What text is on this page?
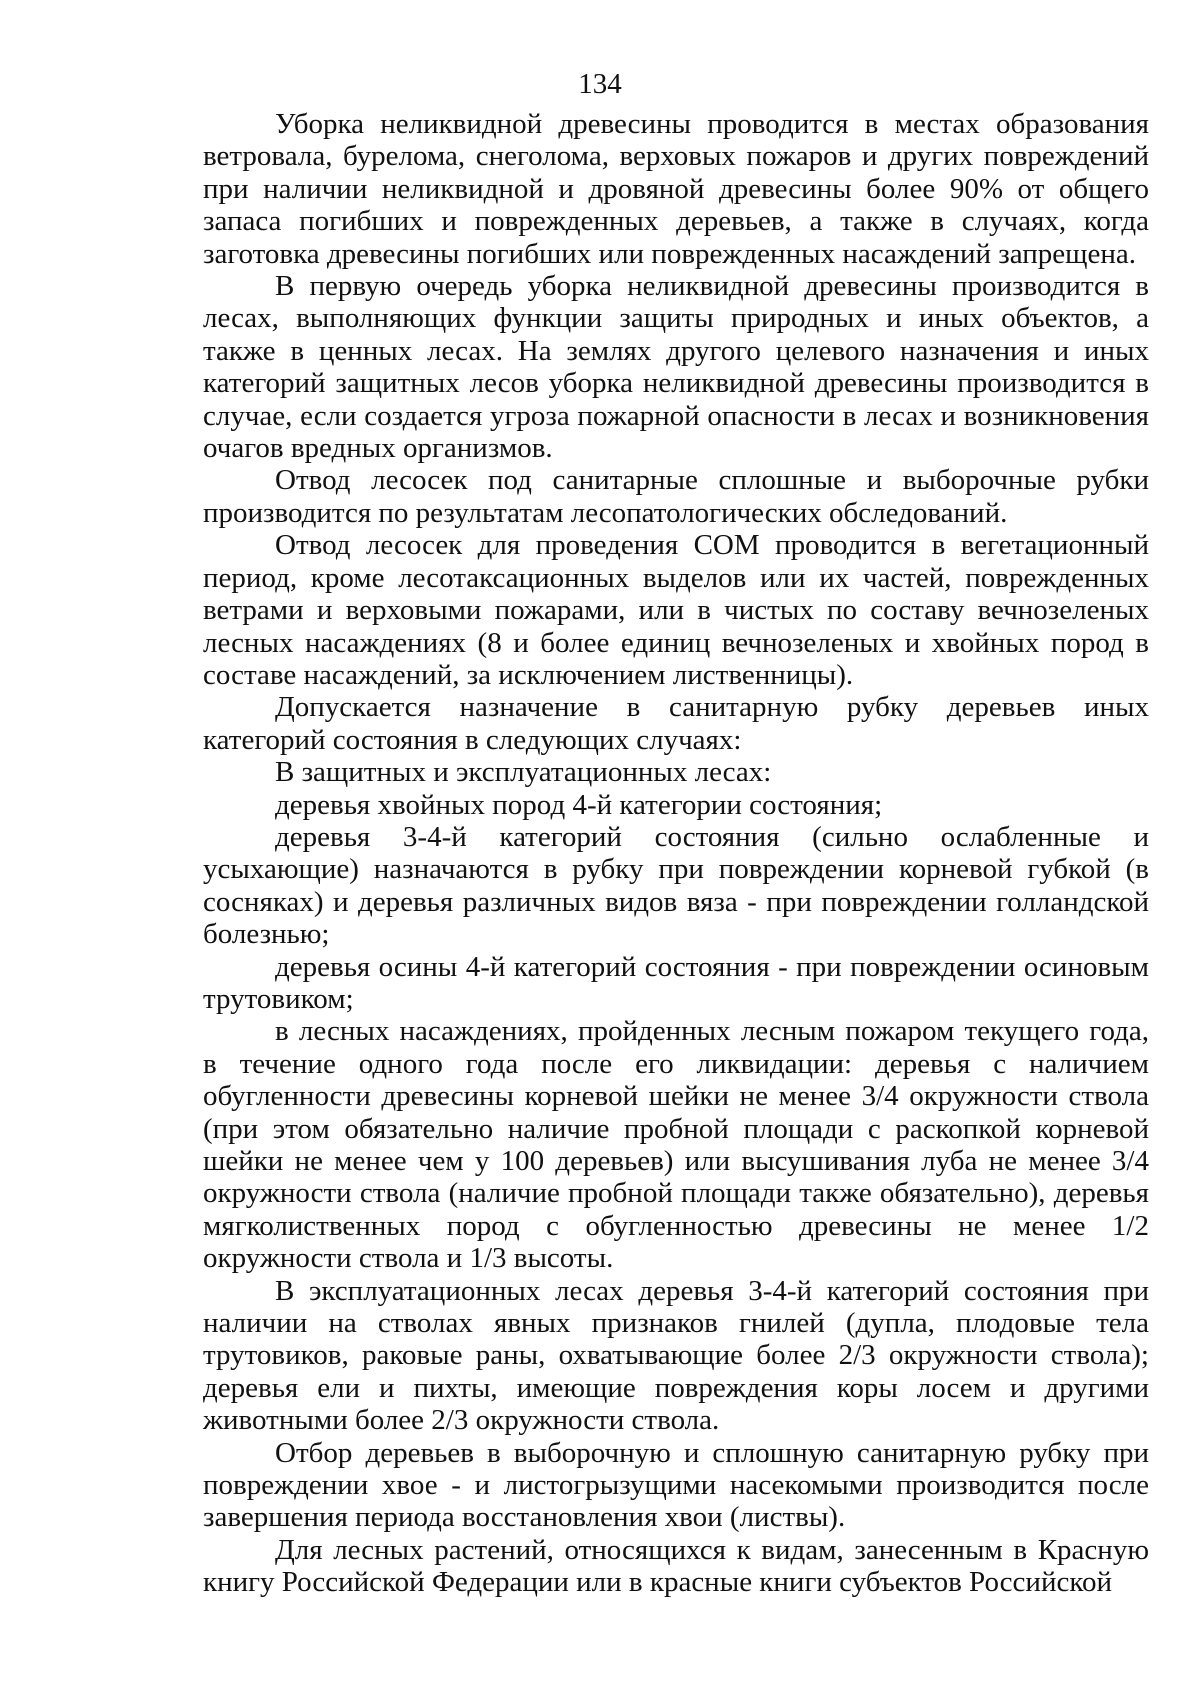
134

Уборка неликвидной древесины проводится в местах образования ветровала, бурелома, снеголома, верховых пожаров и других повреждений при наличии неликвидной и дровяной древесины более 90% от общего запаса погибших и поврежденных деревьев, а также в случаях, когда заготовка древесины погибших или поврежденных насаждений запрещена.

В первую очередь уборка неликвидной древесины производится в лесах, выполняющих функции защиты природных и иных объектов, а также в ценных лесах. На землях другого целевого назначения и иных категорий защитных лесов уборка неликвидной древесины производится в случае, если создается угроза пожарной опасности в лесах и возникновения очагов вредных организмов.

Отвод лесосек под санитарные сплошные и выборочные рубки производится по результатам лесопатологических обследований.

Отвод лесосек для проведения СОМ проводится в вегетационный период, кроме лесотаксационных выделов или их частей, поврежденных ветрами и верховыми пожарами, или в чистых по составу вечнозеленых лесных насаждениях (8 и более единиц вечнозеленых и хвойных пород в составе насаждений, за исключением лиственницы).

Допускается назначение в санитарную рубку деревьев иных категорий состояния в следующих случаях:

В защитных и эксплуатационных лесах:

деревья хвойных пород 4-й категории состояния;

деревья 3-4-й категорий состояния (сильно ослабленные и усыхающие) назначаются в рубку при повреждении корневой губкой (в сосняках) и деревья различных видов вяза - при повреждении голландской болезнью;

деревья осины 4-й категорий состояния - при повреждении осиновым трутовиком;

в лесных насаждениях, пройденных лесным пожаром текущего года, в течение одного года после его ликвидации: деревья с наличием обугленности древесины корневой шейки не менее 3/4 окружности ствола (при этом обязательно наличие пробной площади с раскопкой корневой шейки не менее чем у 100 деревьев) или высушивания луба не менее 3/4 окружности ствола (наличие пробной площади также обязательно), деревья мягколиственных пород с обугленностью древесины не менее 1/2 окружности ствола и 1/3 высоты.

В эксплуатационных лесах деревья 3-4-й категорий состояния при наличии на стволах явных признаков гнилей (дупла, плодовые тела трутовиков, раковые раны, охватывающие более 2/3 окружности ствола); деревья ели и пихты, имеющие повреждения коры лосем и другими животными более 2/3 окружности ствола.

Отбор деревьев в выборочную и сплошную санитарную рубку при повреждении хвое - и листогрызущими насекомыми производится после завершения периода восстановления хвои (листвы).

Для лесных растений, относящихся к видам, занесенным в Красную книгу Российской Федерации или в красные книги субъектов Российской
